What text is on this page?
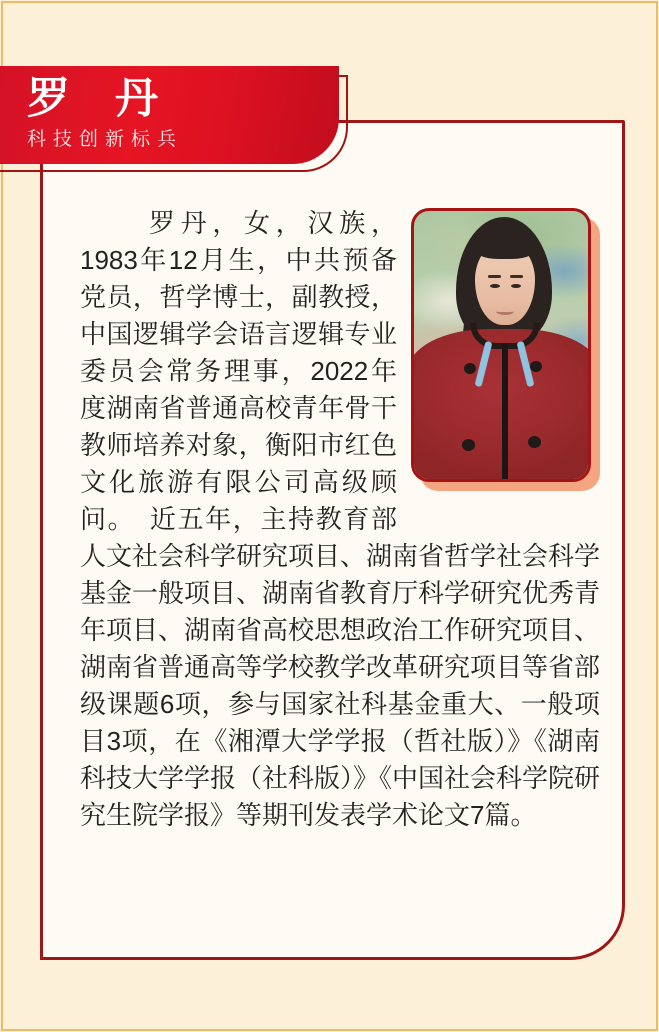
罗丹，女，汉族，1983年12月生，中共预备党员，哲学博士，副教授，中国逻辑学会语言逻辑专业委员会常务理事，2022年度湖南省普通高校青年骨干教师培养对象，衡阳市红色文化旅游有限公司高级顾问。　近五年，主持教育部人文社会科学研究项目、湖南省哲学社会科学基金一般项目、湖南省教育厅科学研究优秀青年项目、湖南省高校思想政治工作研究项目、湖南省普通高等学校教学改革研究项目等省部级课题6项，参与国家社科基金重大、一般项目3项，在《湘潭大学学报（哲社版）》《湖南科技大学学报（社科版）》《中国社会科学院研究生院学报》等期刊发表学术论文7篇。
罗　丹
科技创新标兵
